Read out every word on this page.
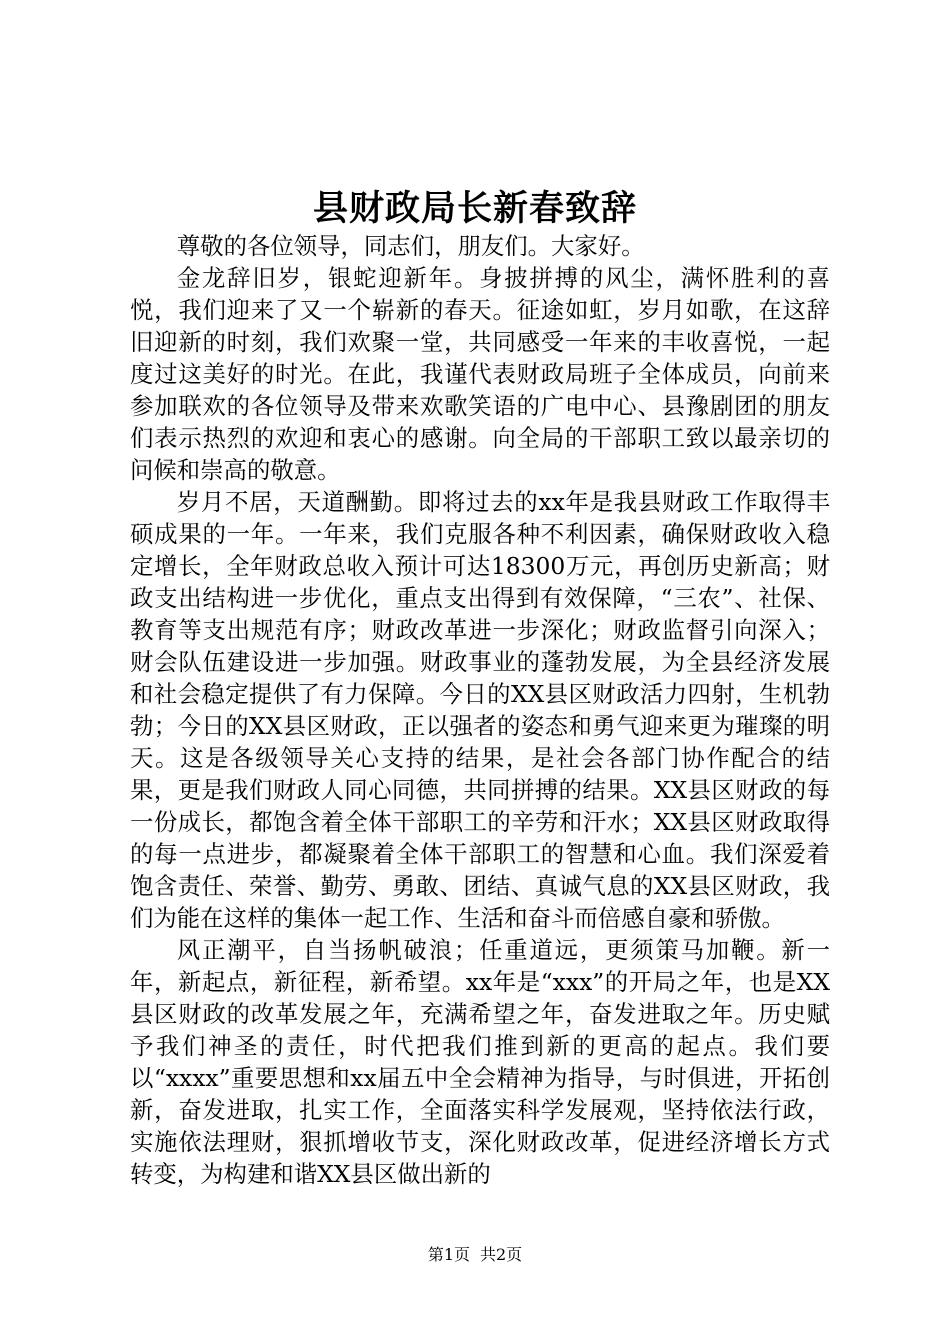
县财政局长新春致辞

尊敬的各位领导，同志们，朋友们。大家好。

金龙辞旧岁，银蛇迎新年。身披拼搏的风尘，满怀胜利的喜悦，我们迎来了又一个崭新的春天。征途如虹，岁月如歌，在这辞旧迎新的时刻，我们欢聚一堂，共同感受一年来的丰收喜悦，一起度过这美好的时光。在此，我谨代表财政局班子全体成员，向前来参加联欢的各位领导及带来欢歌笑语的广电中心、县豫剧团的朋友们表示热烈的欢迎和衷心的感谢。向全局的干部职工致以最亲切的问候和崇高的敬意。

岁月不居，天道酬勤。即将过去的xx年是我县财政工作取得丰硕成果的一年。一年来，我们克服各种不利因素，确保财政收入稳定增长，全年财政总收入预计可达18300万元，再创历史新高；财政支出结构进一步优化，重点支出得到有效保障，“三农”、社保、教育等支出规范有序；财政改革进一步深化；财政监督引向深入；财会队伍建设进一步加强。财政事业的蓬勃发展，为全县经济发展和社会稳定提供了有力保障。今日的XX县区财政活力四射，生机勃勃；今日的XX县区财政，正以强者的姿态和勇气迎来更为璀璨的明天。这是各级领导关心支持的结果，是社会各部门协作配合的结果，更是我们财政人同心同德，共同拼搏的结果。XX县区财政的每一份成长，都饱含着全体干部职工的辛劳和汗水；XX县区财政取得的每一点进步，都凝聚着全体干部职工的智慧和心血。我们深爱着饱含责任、荣誉、勤劳、勇敢、团结、真诚气息的XX县区财政，我们为能在这样的集体一起工作、生活和奋斗而倍感自豪和骄傲。

风正潮平，自当扬帆破浪；任重道远，更须策马加鞭。新一年，新起点，新征程，新希望。xx年是“xxx”的开局之年，也是XX县区财政的改革发展之年，充满希望之年，奋发进取之年。历史赋予我们神圣的责任，时代把我们推到新的更高的起点。我们要以“xxxx”重要思想和xx届五中全会精神为指导，与时俱进，开拓创新，奋发进取，扎实工作，全面落实科学发展观，坚持依法行政，实施依法理财，狠抓增收节支，深化财政改革，促进经济增长方式转变，为构建和谐XX县区做出新的

第1页 共2页
